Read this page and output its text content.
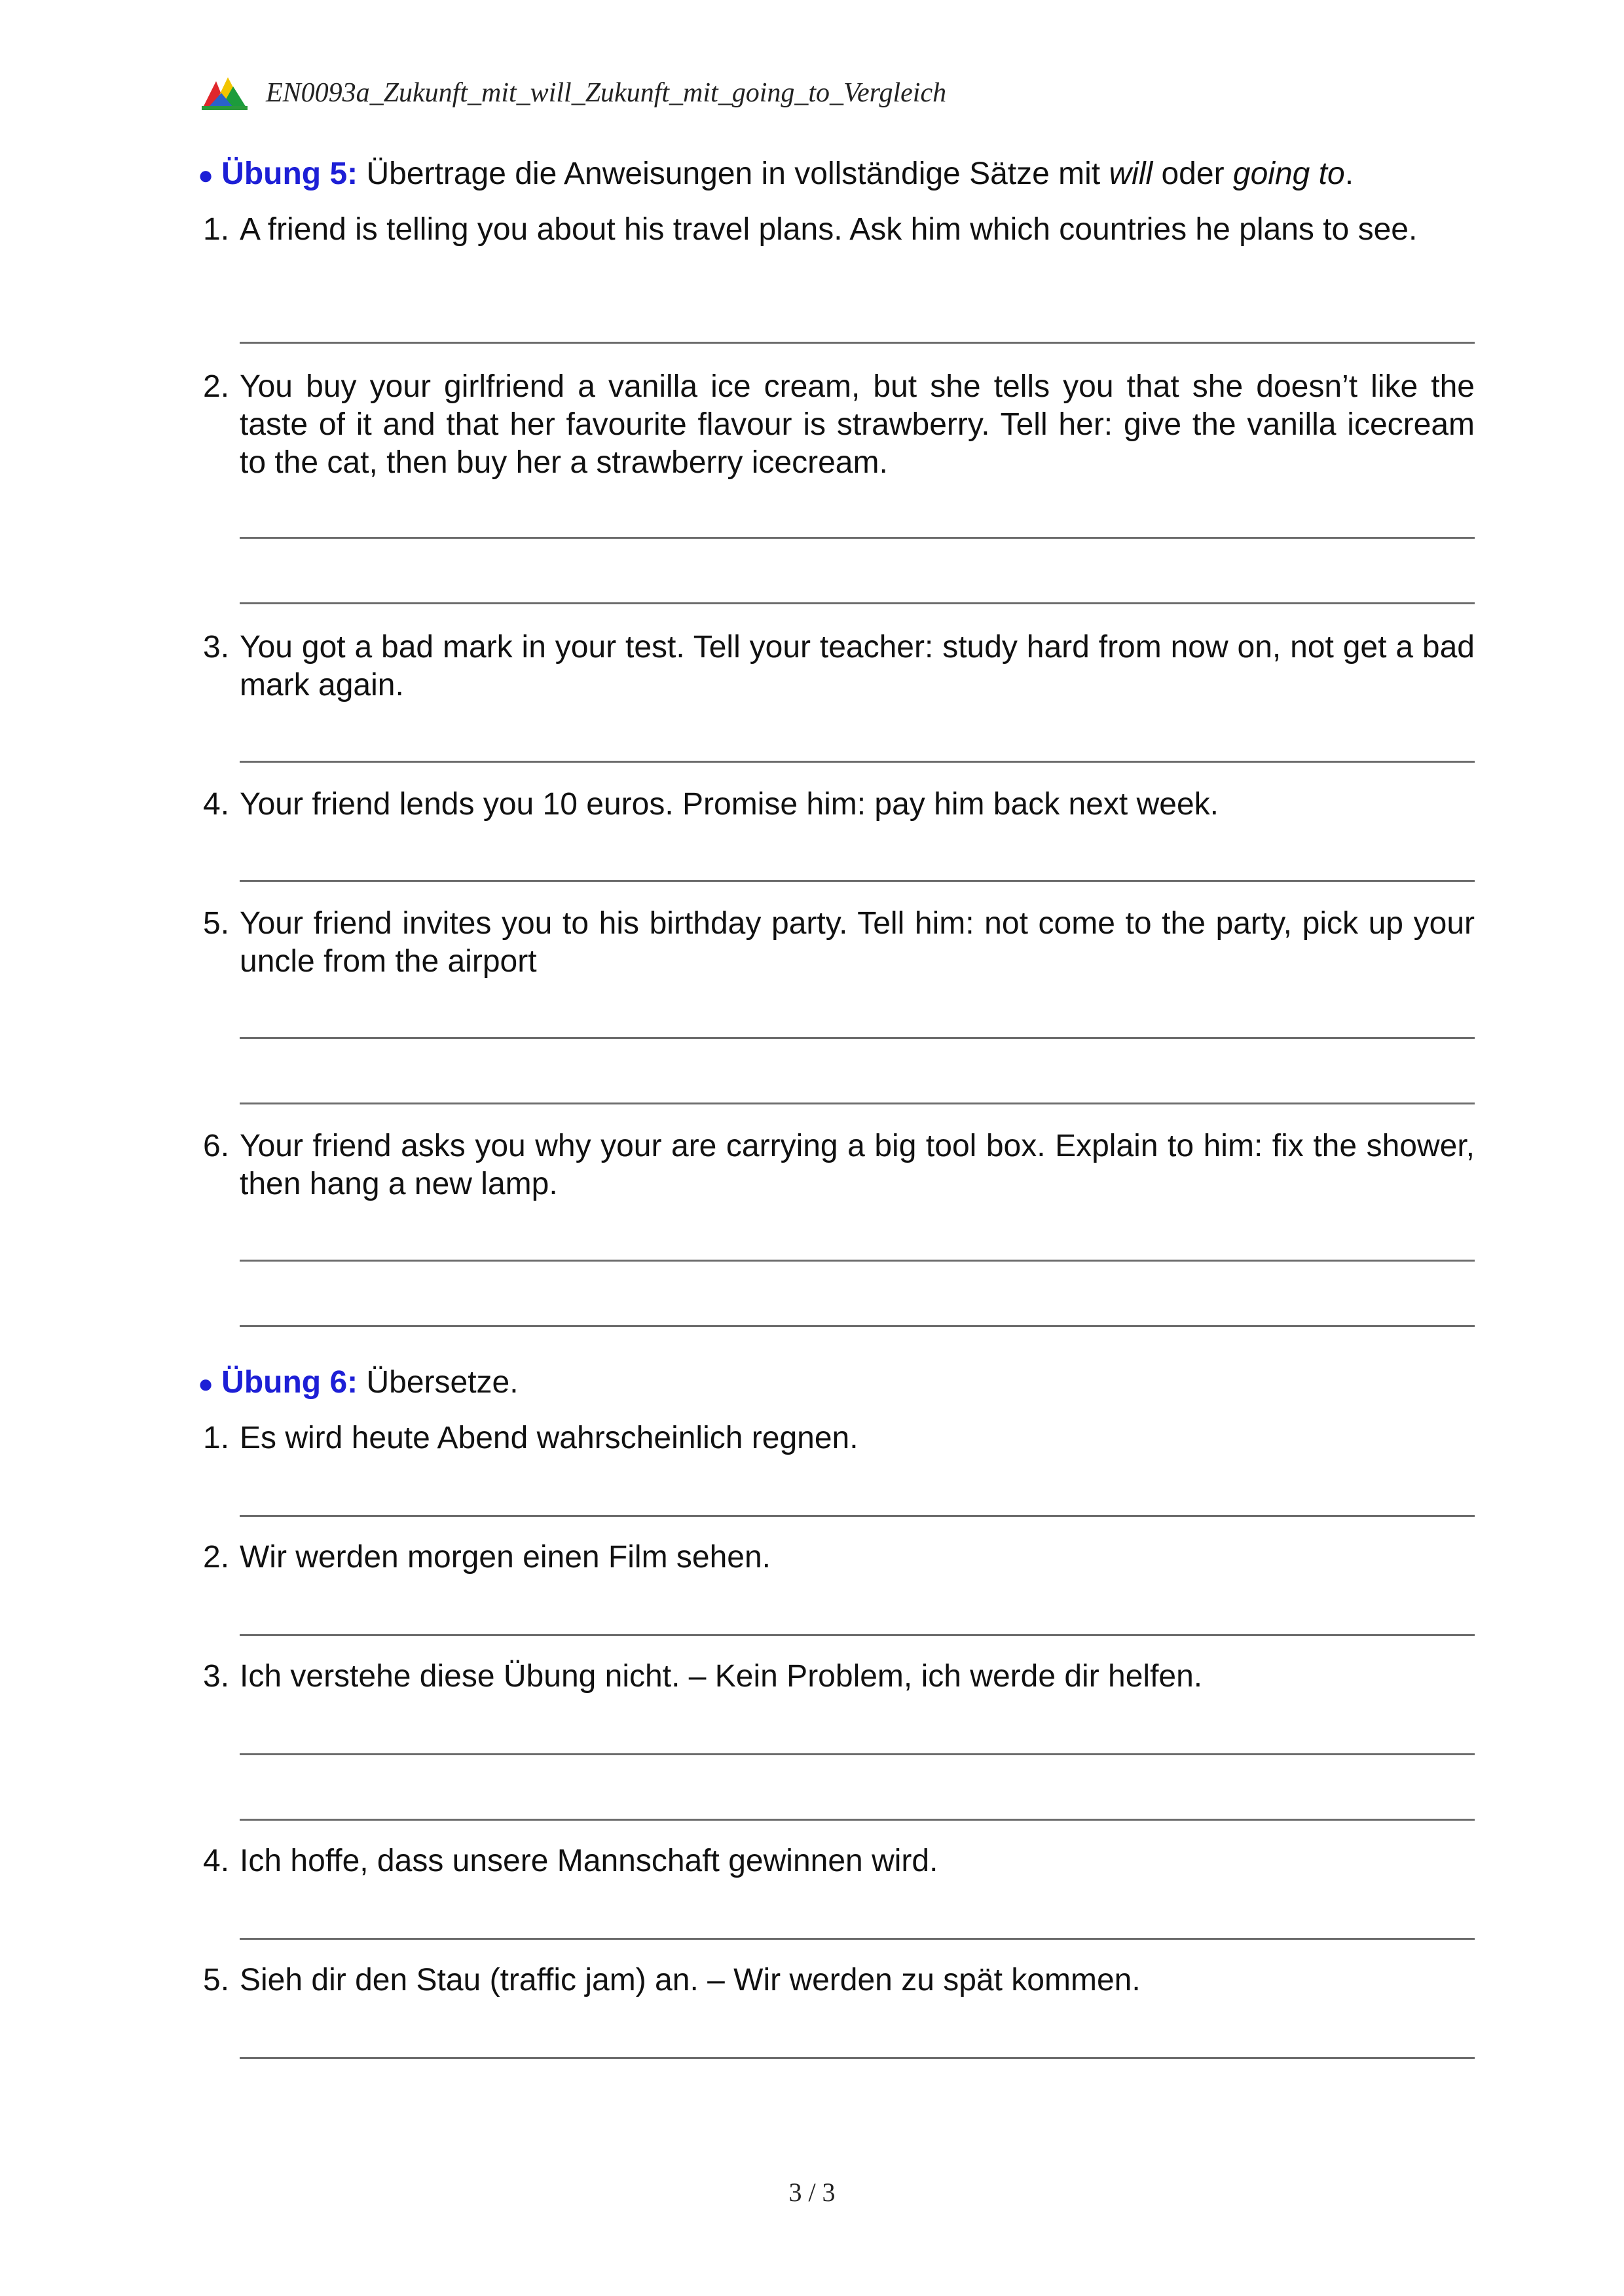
EN0093a_Zukunft_mit_will_Zukunft_mit_going_to_Vergleich
● Übung 5: Übertrage die Anweisungen in vollständige Sätze mit will oder going to.
1. A friend is telling you about his travel plans. Ask him which countries he plans to see.
2. You buy your girlfriend a vanilla ice cream, but she tells you that she doesn’t like the taste of it and that her favourite flavour is strawberry. Tell her: give the vanilla icecream to the cat, then buy her a strawberry icecream.
3. You got a bad mark in your test. Tell your teacher: study hard from now on, not get a bad mark again.
4. Your friend lends you 10 euros. Promise him: pay him back next week.
5. Your friend invites you to his birthday party. Tell him: not come to the party, pick up your uncle from the airport
6. Your friend asks you why your are carrying a big tool box. Explain to him: fix the shower, then hang a new lamp.
● Übung 6: Übersetze.
1. Es wird heute Abend wahrscheinlich regnen.
2. Wir werden morgen einen Film sehen.
3. Ich verstehe diese Übung nicht. – Kein Problem, ich werde dir helfen.
4. Ich hoffe, dass unsere Mannschaft gewinnen wird.
5. Sieh dir den Stau (traffic jam) an. – Wir werden zu spät kommen.
3 / 3
